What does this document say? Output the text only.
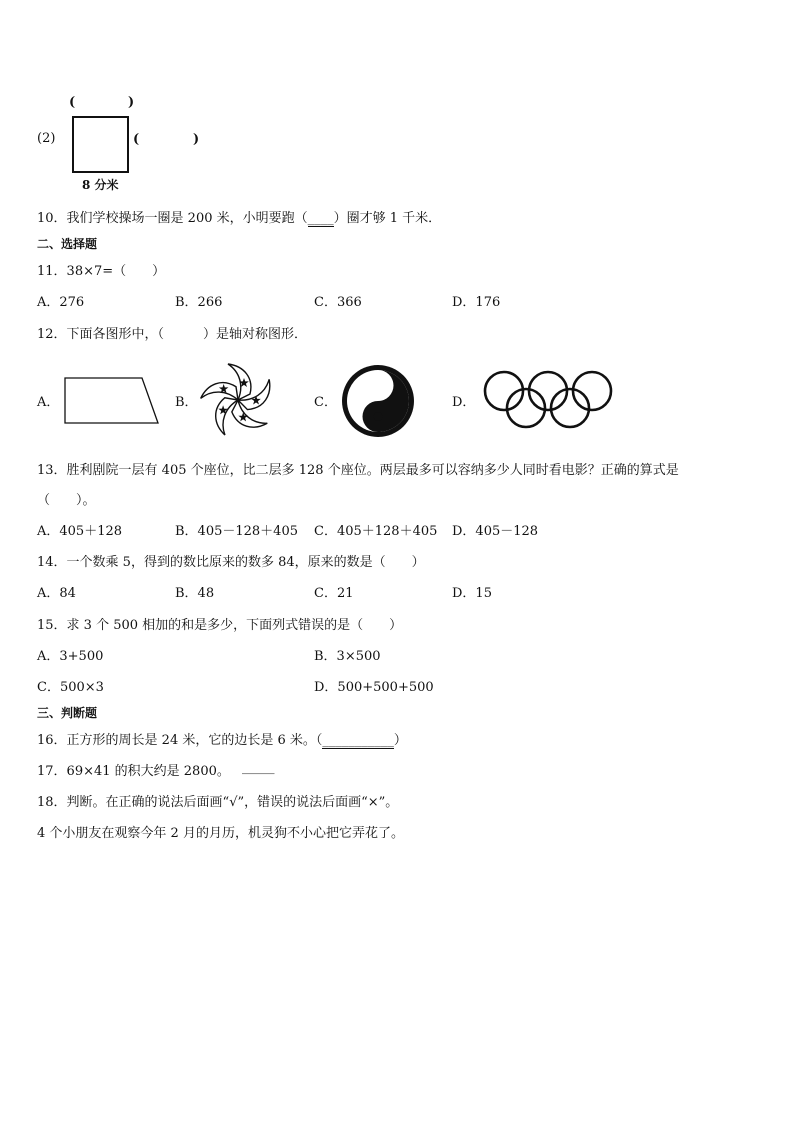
(2)
(	)
(	)
8 分米
10．我们学校操场一圈是 200 米，小明要跑（____）圈才够 1 千米．
二、选择题
11．38×7=（　　）
A．276	B．266	C．366	D．176
12．下面各图形中，（　　　）是轴对称图形．
A．	B．	C．	D．
13．胜利剧院一层有 405 个座位，比二层多 128 个座位。两层最多可以容纳多少人同时看电影？正确的算式是
（　　）。
A．405＋128	B．405－128＋405 C．405＋128＋405 D．405－128
14．一个数乘 5，得到的数比原来的数多 84，原来的数是（　　）
A．84	B．48	C．21	D．15
15．求 3 个 500 相加的和是多少，下面列式错误的是（　　）
A．3+500	B．3×500
C．500×3	D．500+500+500
三、判断题
16．正方形的周长是 24 米，它的边长是 6 米。（___________）
17．69×41 的积大约是 2800。 _____
18．判断。在正确的说法后面画“√”，错误的说法后面画“×”。
4 个小朋友在观察今年 2 月的月历，机灵狗不小心把它弄花了。
